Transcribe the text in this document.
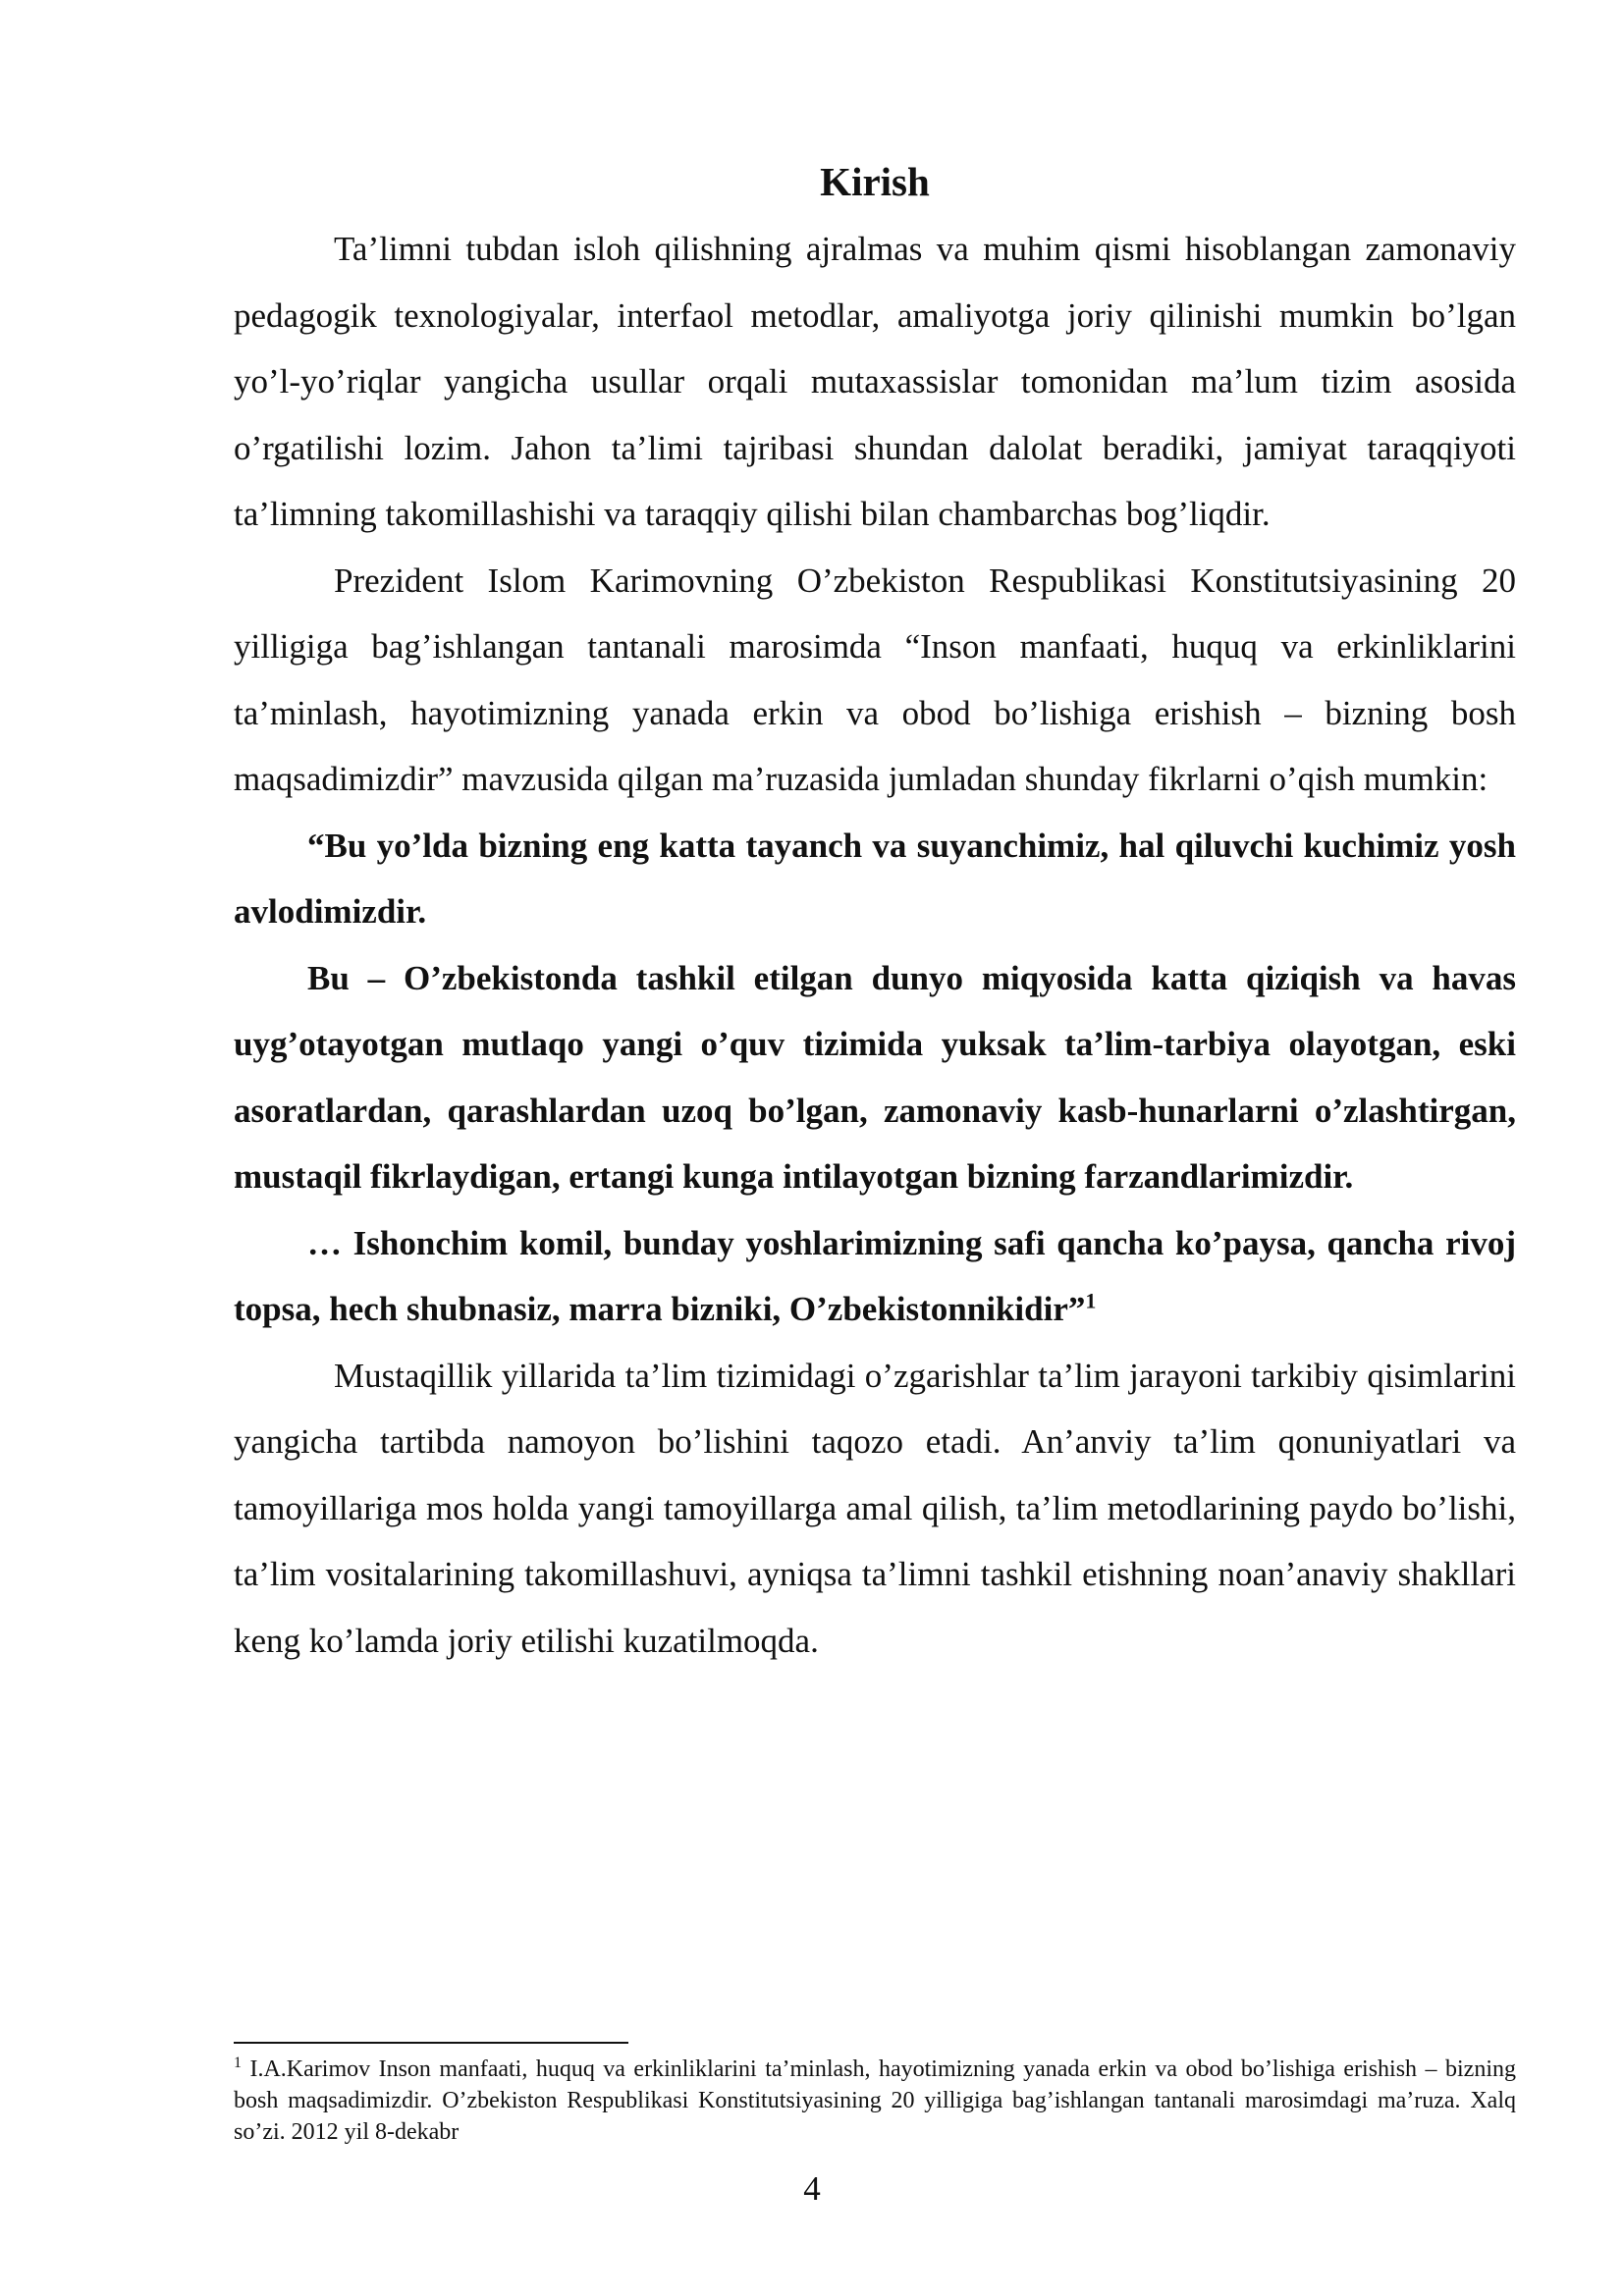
Kirish

Ta’limni tubdan isloh qilishning ajralmas va muhim qismi hisoblangan zamonaviy pedagogik texnologiyalar, interfaol metodlar, amaliyotga joriy qilinishi mumkin bo’lgan yo’l-yo’riqlar yangicha usullar orqali mutaxassislar tomonidan ma’lum tizim asosida o’rgatilishi lozim. Jahon ta’limi tajribasi shundan dalolat beradiki, jamiyat taraqqiyoti ta’limning takomillashishi va taraqqiy qilishi bilan chambarchas bog’liqdir.

Prezident Islom Karimovning O’zbekiston Respublikasi Konstitutsiyasining 20 yilligiga bag’ishlangan tantanali marosimda “Inson manfaati, huquq va erkinliklarini ta’minlash, hayotimizning yanada erkin va obod bo’lishiga erishish – bizning bosh maqsadimizdir” mavzusida qilgan ma’ruzasida jumladan shunday fikrlarni o’qish mumkin:

“Bu yo’lda bizning eng katta tayanch va suyanchimiz, hal qiluvchi kuchimiz yosh avlodimizdir.

Bu – O’zbekistonda tashkil etilgan dunyo miqyosida katta qiziqish va havas uyg’otayotgan mutlaqo yangi o’quv tizimida yuksak ta’lim-tarbiya olayotgan, eski asoratlardan, qarashlardan uzoq bo’lgan, zamonaviy kasb-hunarlarni o’zlashtirgan, mustaqil fikrlaydigan, ertangi kunga intilayotgan bizning farzandlarimizdir.

… Ishonchim komil, bunday yoshlarimizning safi qancha ko’paysa, qancha rivoj topsa, hech shubnasiz, marra bizniki, O’zbekistonnikidir”$^1$

Mustaqillik yillarida ta’lim tizimidagi o’zgarishlar ta’lim jarayoni tarkibiy qisimlarini yangicha tartibda namoyon bo’lishini taqozo etadi. An’anviy ta’lim qonuniyatlari va tamoyillariga mos holda yangi tamoyillarga amal qilish, ta’lim metodlarining paydo bo’lishi, ta’lim vositalarining takomillashuvi, ayniqsa ta’limni tashkil etishning noan’anaviy shakllari keng ko’lamda joriy etilishi kuzatilmoqda.

$^1$ I.A.Karimov Inson manfaati, huquq va erkinliklarini ta’minlash, hayotimizning yanada erkin va obod bo’lishiga erishish – bizning bosh maqsadimizdir. O’zbekiston Respublikasi Konstitutsiyasining 20 yilligiga bag’ishlangan tantanali marosimdagi ma’ruza. Xalq so’zi. 2012 yil 8-dekabr

4
